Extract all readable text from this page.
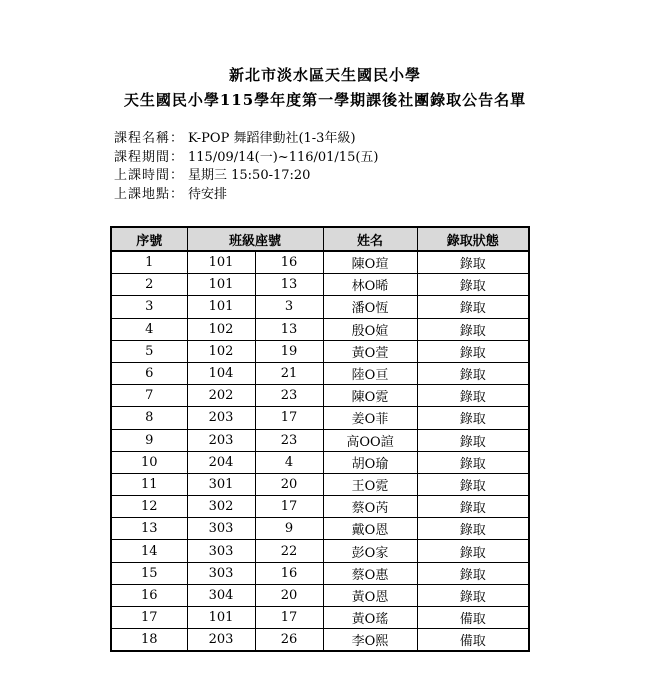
新北市淡水區天生國民小學
天生國民小學115學年度第一學期課後社團錄取公告名單
課程名稱： K-POP 舞蹈律動社(1-3年級)
課程期間： 115/09/14(一)~116/01/15(五)
上課時間： 星期三 15:50-17:20
上課地點： 待安排
序號	班級座號		姓名	錄取狀態
1	101	16	陳O瑄	錄取
2	101	13	林O晞	錄取
3	101	3	潘O恆	錄取
4	102	13	殷O媗	錄取
5	102	19	黃O萱	錄取
6	104	21	陸O亘	錄取
7	202	23	陳O霓	錄取
8	203	17	姜O菲	錄取
9	203	23	高OO諠	錄取
10	204	4	胡O瑜	錄取
11	301	20	王O霓	錄取
12	302	17	蔡O芮	錄取
13	303	9	戴O恩	錄取
14	303	22	彭O家	錄取
15	303	16	蔡O惠	錄取
16	304	20	黃O恩	錄取
17	101	17	黃O瑤	備取
18	203	26	李O熙	備取
